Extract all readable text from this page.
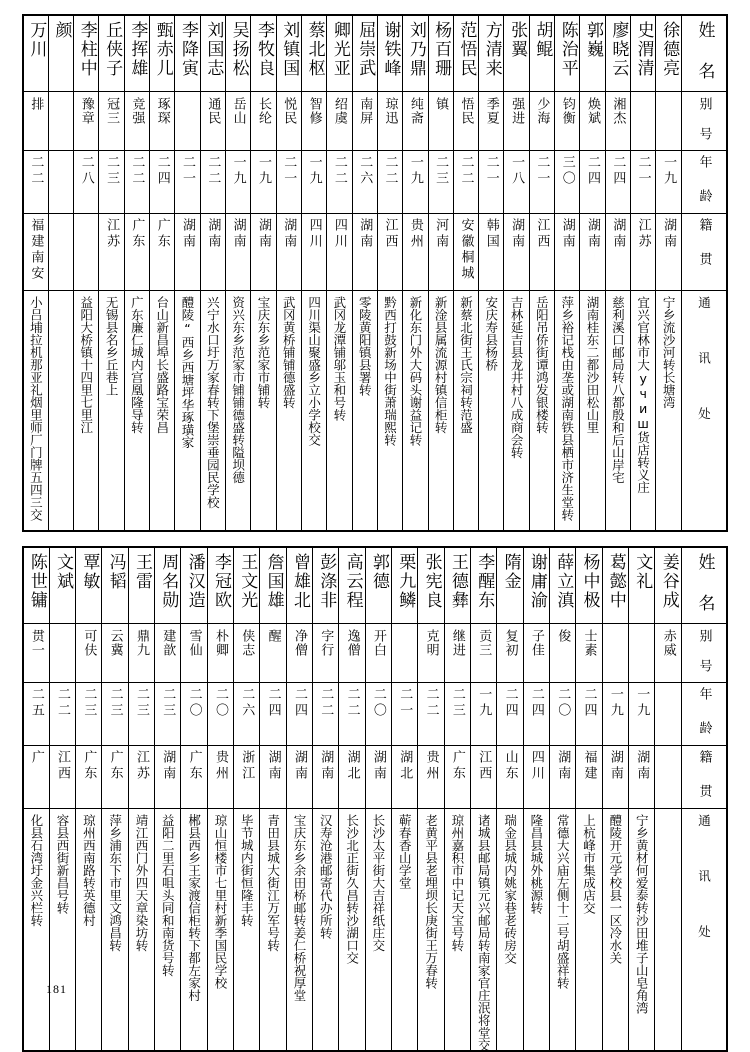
万川	颜	李柱中	丘侠子	李挥雄	甄赤儿	李降寅	刘国志	吴扬松	李牧良	刘镇国	蔡北枢	卿光亚	屈崇武	谢铁峰	刘乃鼎	杨百珊	范悟民	方清来	张翼	胡鲲	陈治平	郭巍	廖晓云	史渭清	徐德亮	姓 名
排		豫章	冠三	竞强	琢琛		通民	岳山	长纶	悦民	智修	绍虞	南屏	琼迅	纯斋	镇	悟民	季夏	强进	少海	钧衡	焕斌	湘杰			别 号
二二		二八	二三	二二	二四	二一	二二	一九	一九	二一	一九	二二	二六	二二	一九	二三	二二	二一	一八	二一	三〇	二四	二四	二一	一九	年 龄
福建南安			江苏	广东	广东	湖南	湖南	湖南	湖南	湖南	四川	四川	湖南	江西	贵州	河南	安徽桐城	韩国	湖南	江西	湖南	湖南	湖南	江苏	湖南	籍 贯
小吕埔拉机那亚礼烟里师厂门牌五四三交		益阳大桥镇十四里七里江	无锡县名乡丘巷上	广东廉仁城内宫凰隆导转	台山新昌埠长盛路宝荣昌	醴陵“西乡西塘坪华琢璜家	兴宁水口圩万家春转下堡崇垂园民学校	资兴东乡范家市铺铺德盛转隘坝德	宝庆东乡范家市铺转	武冈黄桥铺铺德盛转	四川渠山聚盛乡立小学校交	武冈龙潭铺邬玉和号转	零陵黄阳镇县署转	黔西打鼓新场中街萧瑞熙转	新化东门外大码头谢益记转	新淦县属流源村镇信柜转	新蔡北街王氏宗祠转范盛	安庆寿县杨桥	吉林延吉县龙井村八成商会转	岳阳吊侨街谭鸿发银楼转	萍乡裕记栈由垄或湖南铁县栖市济生堂转	湖南桂东二都沙田松山里	慈利溪口邮局转八都殷和后山岸宅	宜兴官林市大учиш货店转义庄	宁乡流沙河转长塘湾	通 讯 处
陈世镛	文斌	覃敏	冯韬	王雷	周名勋	潘汉造	李冠欧	王文光	詹国雄	曾雄北	彭涤非	高云程	郭德	栗九鳞	张宪良	王德彝	李醒东	隋金	谢庸渝	薛立滇	杨中极	葛懿中	文礼	姜谷成	姓 名
贯一		可伕	云冀	鼎九	建歆	雪仙	朴卿	侠志	醒	净僧	字行	逸僧	开白		克明	继进	贡三	复初	子佳	俊	士素			赤威	别 号
二五	二二	二三	二三	二三	二三	二〇	二〇	二六	二四	二四	二二	二二	二〇	二一	二二	二三	一九	二四	二四	二〇	二四	一九	一九		年 龄
广	江西	广东	广东	江苏	湖南	广东	贵州	浙江	湖南	湖南	湖南	湖北	湖南	湖北	贵州	广东	江西	山东	四川	湖南	福建	湖南	湖南		籍 贯
化县石湾圩金兴栏转	容县西街新昌号转	琼州西南路转英德村	萍乡浦东下市里文鸿昌转	靖江西门外四天章染坊转	益阳二里石咀头同和南货号转	郴县西乡王家渡信柜转下都左家村	琼山恒楼市七里村新季国民学校	毕节城内街恒隆丰转	青田县城大街江万军号转	宝庆东乡余田桥邮转姜仁桥祝厚堂	汉寿沧港邮寄代办所转	长沙北正街久昌转沙湖口交	长沙太平街大吉祥纸庄交	蕲春香山学堂	老黄平县老埋坝长庚街王万春转	琼州嘉积市中记天宝号转	诸城县邮局镇元兴邮局转南家官庄泯将堂交	瑞金县城内姚家巷老砖房交	隆昌县城外桃源转	常德大兴庙左侧十二号胡盛祥转	上杭峰市集成店交	醴陵开元学校县一区冷水关	宁乡黄材何爱泰转沙田堆子山皂角湾		通 讯 处
181
